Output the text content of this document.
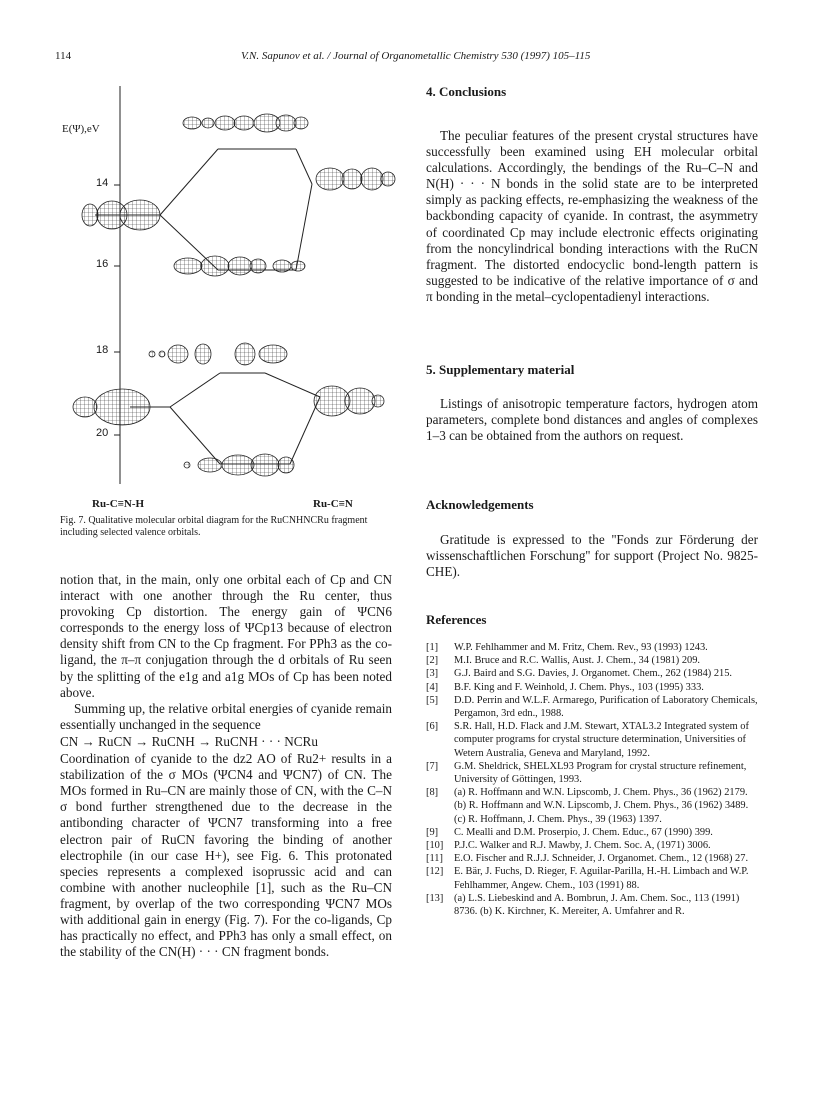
114	V.N. Sapunov et al. / Journal of Organometallic Chemistry 530 (1997) 105–115
E(Ψ),eV
14
16
18
20
Ru-C≡N-H	Ru-C≡N
Fig. 7. Qualitative molecular orbital diagram for the RuCNHNCRu fragment including selected valence orbitals.

notion that, in the main, only one orbital each of Cp and CN interact with one another through the Ru center, thus provoking Cp distortion. The energy gain of ΨCN6 corresponds to the energy loss of ΨCp13 because of electron density shift from CN to the Cp fragment. For PPh3 as the co-ligand, the π–π conjugation through the d orbitals of Ru seen by the splitting of the e1g and a1g MOs of Cp has been noted above.

Summing up, the relative orbital energies of cyanide remain essentially unchanged in the sequence

CN → RuCN → RuCNH → RuCNH · · · NCRu

Coordination of cyanide to the dz2 AO of Ru2+ results in a stabilization of the σ MOs (ΨCN4 and ΨCN7) of CN. The MOs formed in Ru–CN are mainly those of CN, with the C–N σ bond further strengthened due to the decrease in the antibonding character of ΨCN7 transforming into a free electron pair of RuCN favoring the binding of another electrophile (in our case H+), see Fig. 6. This protonated species represents a complexed isoprussic acid and can combine with another nucleophile [1], such as the Ru–CN fragment, by overlap of the two corresponding ΨCN7 MOs with additional gain in energy (Fig. 7). For the co-ligands, Cp has practically no effect, and PPh3 has only a small effect, on the stability of the CN(H) · · · CN fragment bonds.

4. Conclusions

The peculiar features of the present crystal structures have successfully been examined using EH molecular orbital calculations. Accordingly, the bendings of the Ru–C–N and N(H) · · · N bonds in the solid state are to be interpreted simply as packing effects, re-emphasizing the weakness of the backbonding capacity of cyanide. In contrast, the asymmetry of coordinated Cp may include electronic effects originating from the noncylindrical bonding interactions with the RuCN fragment. The distorted endocyclic bond-length pattern is suggested to be indicative of the relative importance of σ and π bonding in the metal–cyclopentadienyl interactions.

5. Supplementary material

Listings of anisotropic temperature factors, hydrogen atom parameters, complete bond distances and angles of complexes 1–3 can be obtained from the authors on request.

Acknowledgements

Gratitude is expressed to the ''Fonds zur Förderung der wissenschaftlichen Forschung'' for support (Project No. 9825-CHE).

References
[1] W.P. Fehlhammer and M. Fritz, Chem. Rev., 93 (1993) 1243.
[2] M.I. Bruce and R.C. Wallis, Aust. J. Chem., 34 (1981) 209.
[3] G.J. Baird and S.G. Davies, J. Organomet. Chem., 262 (1984) 215.
[4] B.F. King and F. Weinhold, J. Chem. Phys., 103 (1995) 333.
[5] D.D. Perrin and W.L.F. Armarego, Purification of Laboratory Chemicals, Pergamon, 3rd edn., 1988.
[6] S.R. Hall, H.D. Flack and J.M. Stewart, XTAL3.2 Integrated system of computer programs for crystal structure determination, Universities of Wetern Australia, Geneva and Maryland, 1992.
[7] G.M. Sheldrick, SHELXL93 Program for crystal structure refinement, University of Göttingen, 1993.
[8] (a) R. Hoffmann and W.N. Lipscomb, J. Chem. Phys., 36 (1962) 2179. (b) R. Hoffmann and W.N. Lipscomb, J. Chem. Phys., 36 (1962) 3489. (c) R. Hoffmann, J. Chem. Phys., 39 (1963) 1397.
[9] C. Mealli and D.M. Proserpio, J. Chem. Educ., 67 (1990) 399.
[10] P.J.C. Walker and R.J. Mawby, J. Chem. Soc. A, (1971) 3006.
[11] E.O. Fischer and R.J.J. Schneider, J. Organomet. Chem., 12 (1968) 27.
[12] E. Bär, J. Fuchs, D. Rieger, F. Aguilar-Parilla, H.-H. Limbach and W.P. Fehlhammer, Angew. Chem., 103 (1991) 88.
[13] (a) L.S. Liebeskind and A. Bombrun, J. Am. Chem. Soc., 113 (1991) 8736. (b) K. Kirchner, K. Mereiter, A. Umfahrer and R.
